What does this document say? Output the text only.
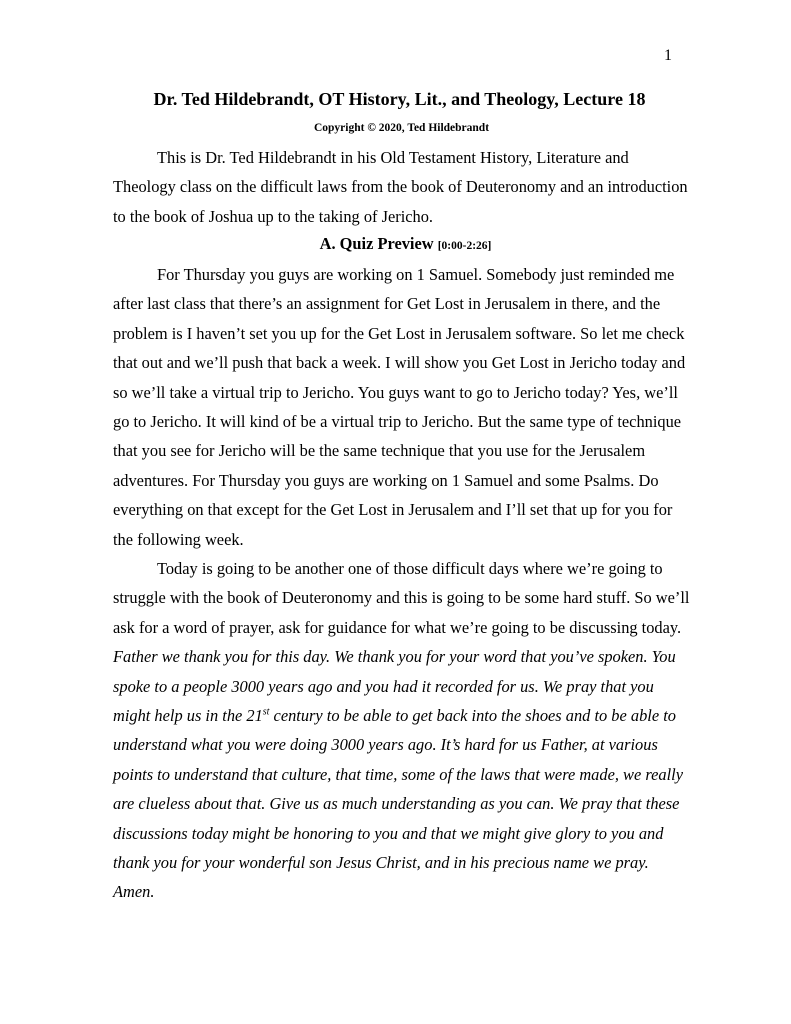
1
Dr. Ted Hildebrandt, OT History, Lit., and Theology, Lecture 18
Copyright © 2020, Ted Hildebrandt

This is Dr. Ted Hildebrandt in his Old Testament History, Literature and Theology class on the difficult laws from the book of Deuteronomy and an introduction to the book of Joshua up to the taking of Jericho.

A. Quiz Preview [0:00-2:26]

For Thursday you guys are working on 1 Samuel. Somebody just reminded me after last class that there’s an assignment for Get Lost in Jerusalem in there, and the problem is I haven’t set you up for the Get Lost in Jerusalem software. So let me check that out and we’ll push that back a week. I will show you Get Lost in Jericho today and so we’ll take a virtual trip to Jericho. You guys want to go to Jericho today? Yes, we’ll go to Jericho. It will kind of be a virtual trip to Jericho. But the same type of technique that you see for Jericho will be the same technique that you use for the Jerusalem adventures. For Thursday you guys are working on 1 Samuel and some Psalms. Do everything on that except for the Get Lost in Jerusalem and I’ll set that up for you for the following week.

Today is going to be another one of those difficult days where we’re going to struggle with the book of Deuteronomy and this is going to be some hard stuff. So we’ll ask for a word of prayer, ask for guidance for what we’re going to be discussing today. Father we thank you for this day. We thank you for your word that you’ve spoken. You spoke to a people 3000 years ago and you had it recorded for us. We pray that you might help us in the 21st century to be able to get back into the shoes and to be able to understand what you were doing 3000 years ago. It’s hard for us Father, at various points to understand that culture, that time, some of the laws that were made, we really are clueless about that. Give us as much understanding as you can. We pray that these discussions today might be honoring to you and that we might give glory to you and thank you for your wonderful son Jesus Christ, and in his precious name we pray. Amen.
